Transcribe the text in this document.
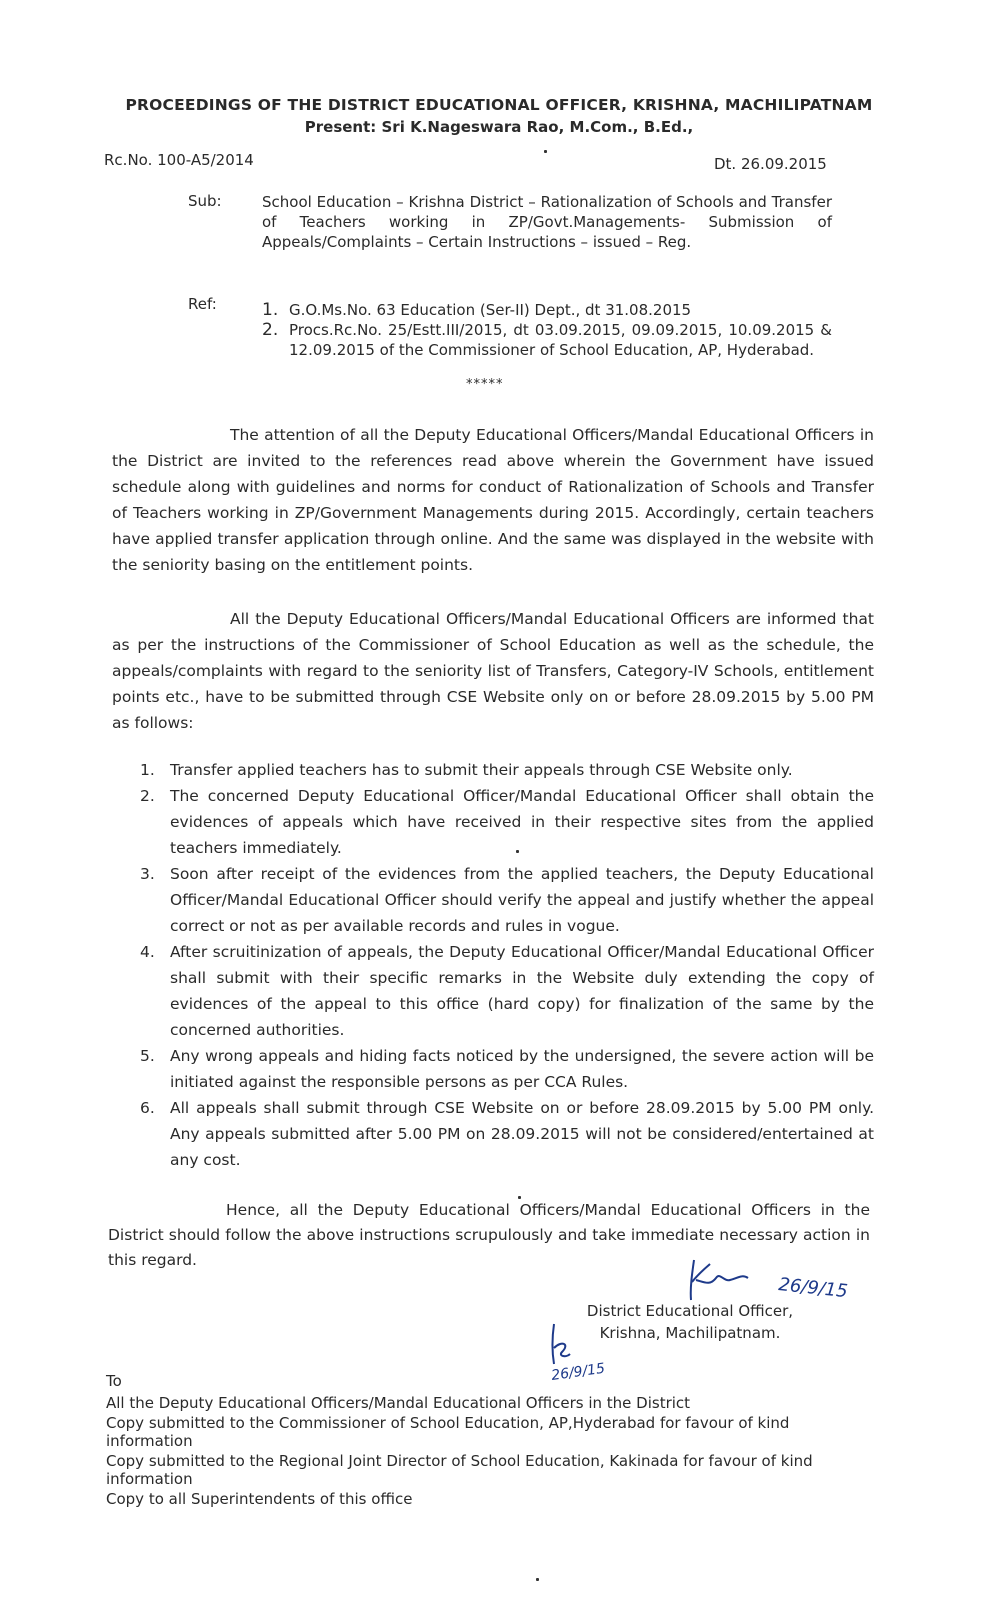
PROCEEDINGS OF THE DISTRICT EDUCATIONAL OFFICER, KRISHNA, MACHILIPATNAM
Present: Sri K.Nageswara Rao, M.Com., B.Ed.,
Rc.No. 100-A5/2014	Dt. 26.09.2015
Sub:	School Education – Krishna District – Rationalization of Schools and Transfer of Teachers working in ZP/Govt.Managements- Submission of Appeals/Complaints – Certain Instructions – issued – Reg.
Ref:	1. G.O.Ms.No. 63 Education (Ser-II) Dept., dt 31.08.2015
2. Procs.Rc.No. 25/Estt.III/2015, dt 03.09.2015, 09.09.2015, 10.09.2015 & 12.09.2015 of the Commissioner of School Education, AP, Hyderabad.
*****

The attention of all the Deputy Educational Officers/Mandal Educational Officers in the District are invited to the references read above wherein the Government have issued schedule along with guidelines and norms for conduct of Rationalization of Schools and Transfer of Teachers working in ZP/Government Managements during 2015. Accordingly, certain teachers have applied transfer application through online. And the same was displayed in the website with the seniority basing on the entitlement points.

All the Deputy Educational Officers/Mandal Educational Officers are informed that as per the instructions of the Commissioner of School Education as well as the schedule, the appeals/complaints with regard to the seniority list of Transfers, Category-IV Schools, entitlement points etc., have to be submitted through CSE Website only on or before 28.09.2015 by 5.00 PM as follows:

1. Transfer applied teachers has to submit their appeals through CSE Website only.
2. The concerned Deputy Educational Officer/Mandal Educational Officer shall obtain the evidences of appeals which have received in their respective sites from the applied teachers immediately.
3. Soon after receipt of the evidences from the applied teachers, the Deputy Educational Officer/Mandal Educational Officer should verify the appeal and justify whether the appeal correct or not as per available records and rules in vogue.
4. After scruitinization of appeals, the Deputy Educational Officer/Mandal Educational Officer shall submit with their specific remarks in the Website duly extending the copy of evidences of the appeal to this office (hard copy) for finalization of the same by the concerned authorities.
5. Any wrong appeals and hiding facts noticed by the undersigned, the severe action will be initiated against the responsible persons as per CCA Rules.
6. All appeals shall submit through CSE Website on or before 28.09.2015 by 5.00 PM only. Any appeals submitted after 5.00 PM on 28.09.2015 will not be considered/entertained at any cost.

Hence, all the Deputy Educational Officers/Mandal Educational Officers in the District should follow the above instructions scrupulously and take immediate necessary action in this regard.

26/9/15
District Educational Officer,
Krishna, Machilipatnam.
26/9/15
To
All the Deputy Educational Officers/Mandal Educational Officers in the District
Copy submitted to the Commissioner of School Education, AP,Hyderabad for favour of kind information
Copy submitted to the Regional Joint Director of School Education, Kakinada for favour of kind information
Copy to all Superintendents of this office
